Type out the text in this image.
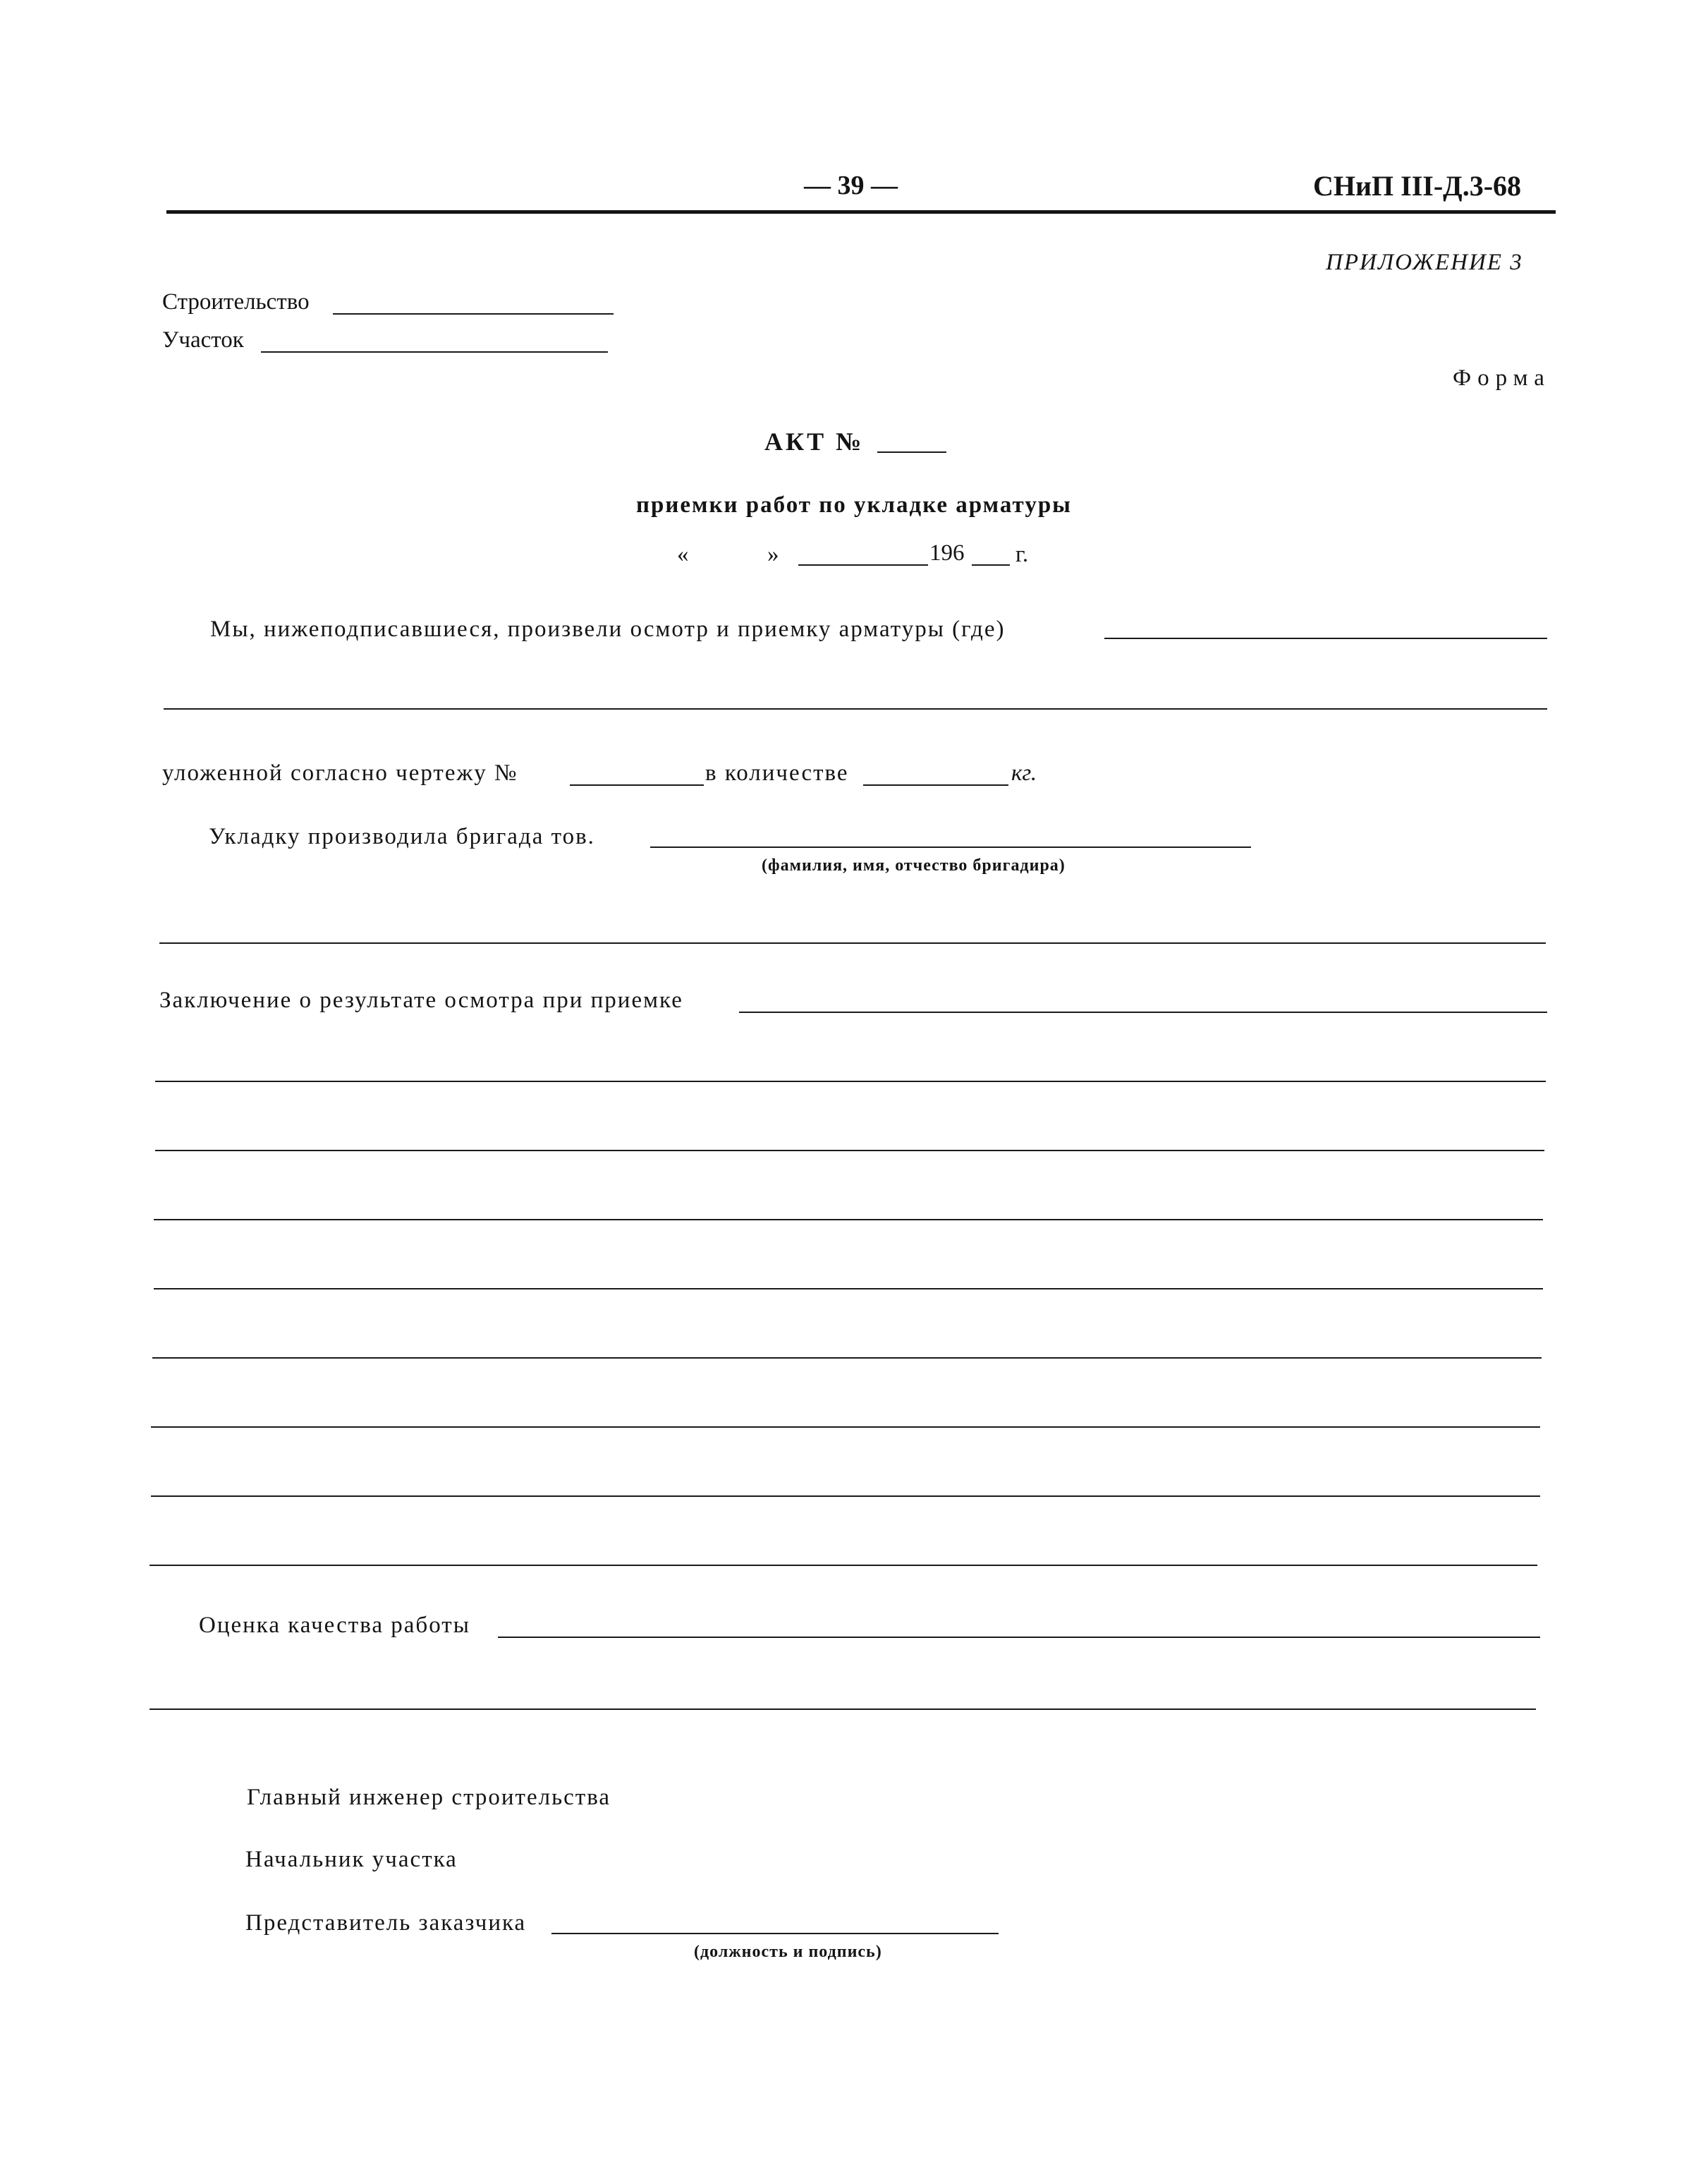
— 39 —	СНиП III-Д.3-68
ПРИЛОЖЕНИЕ 3
Строительство
Участок
Форма
АКТ №
приемки работ по укладке арматуры
«	»	196 г.
Мы, нижеподписавшиеся, произвели осмотр и приемку арматуры (где)
уложенной согласно чертежу №	в количестве	кг.
Укладку производила бригада тов.
(фамилия, имя, отчество бригадира)
Заключение о результате осмотра при приемке
Оценка качества работы
Главный инженер строительства
Начальник участка
Представитель заказчика
(должность и подпись)
